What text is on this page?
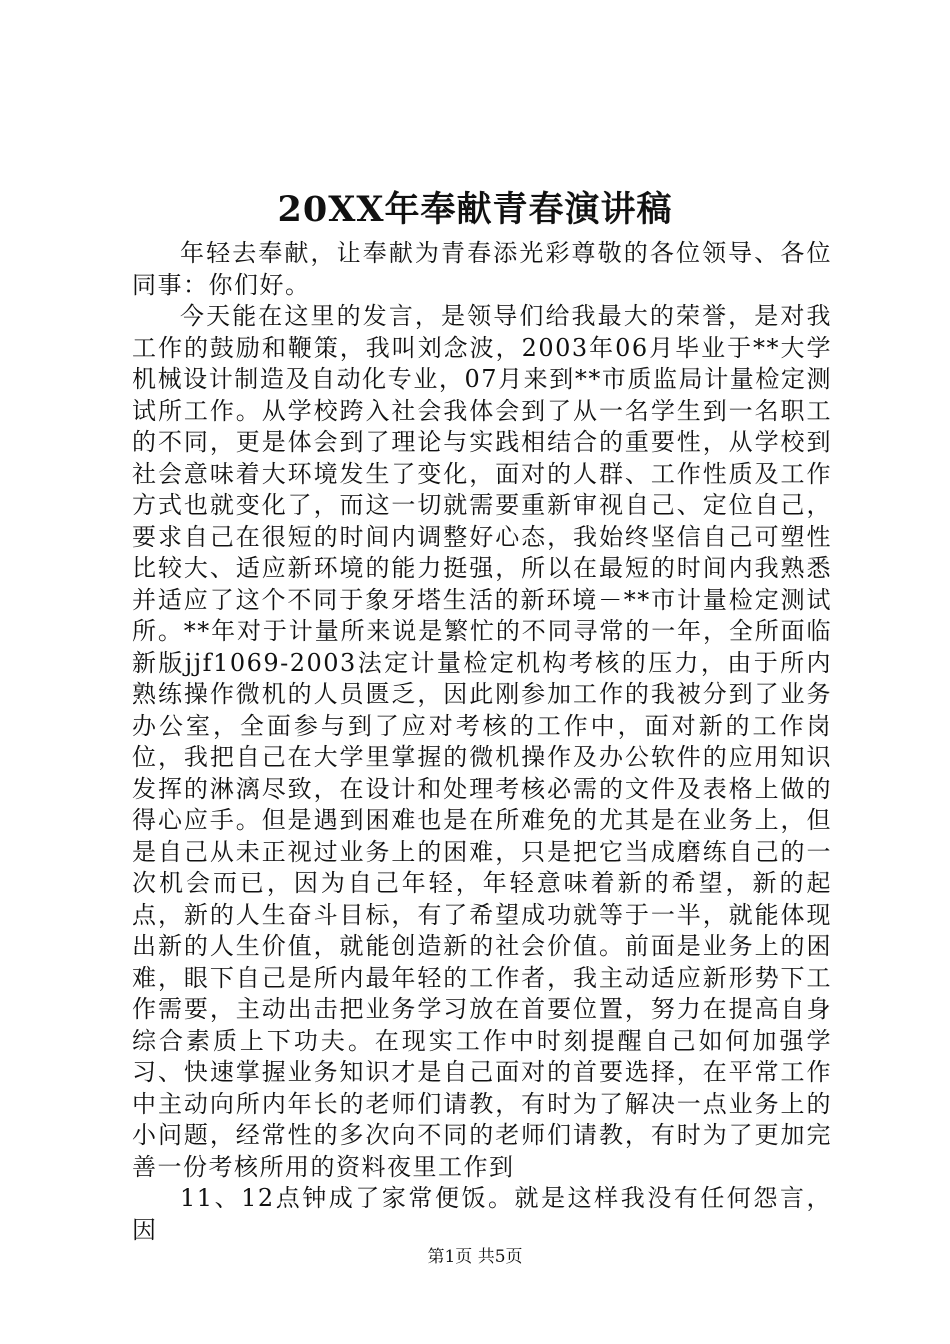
20XX年奉献青春演讲稿

年轻去奉献，让奉献为青春添光彩尊敬的各位领导、各位同事：你们好。

今天能在这里的发言，是领导们给我最大的荣誉，是对我工作的鼓励和鞭策，我叫刘念波，2003年06月毕业于**大学机械设计制造及自动化专业，07月来到**市质监局计量检定测试所工作。从学校跨入社会我体会到了从一名学生到一名职工的不同，更是体会到了理论与实践相结合的重要性，从学校到社会意味着大环境发生了变化，面对的人群、工作性质及工作方式也就变化了，而这一切就需要重新审视自己、定位自己，要求自己在很短的时间内调整好心态，我始终坚信自己可塑性比较大、适应新环境的能力挺强，所以在最短的时间内我熟悉并适应了这个不同于象牙塔生活的新环境－**市计量检定测试所。**年对于计量所来说是繁忙的不同寻常的一年，全所面临新版jjf1069-2003法定计量检定机构考核的压力，由于所内熟练操作微机的人员匮乏，因此刚参加工作的我被分到了业务办公室，全面参与到了应对考核的工作中，面对新的工作岗位，我把自己在大学里掌握的微机操作及办公软件的应用知识发挥的淋漓尽致，在设计和处理考核必需的文件及表格上做的得心应手。但是遇到困难也是在所难免的尤其是在业务上，但是自己从未正视过业务上的困难，只是把它当成磨练自己的一次机会而已，因为自己年轻，年轻意味着新的希望，新的起点，新的人生奋斗目标，有了希望成功就等于一半，就能体现出新的人生价值，就能创造新的社会价值。前面是业务上的困难，眼下自己是所内最年轻的工作者，我主动适应新形势下工作需要，主动出击把业务学习放在首要位置，努力在提高自身综合素质上下功夫。在现实工作中时刻提醒自己如何加强学习、快速掌握业务知识才是自己面对的首要选择，在平常工作中主动向所内年长的老师们请教，有时为了解决一点业务上的小问题，经常性的多次向不同的老师们请教，有时为了更加完善一份考核所用的资料夜里工作到

11、12点钟成了家常便饭。就是这样我没有任何怨言，因

第1页 共5页
